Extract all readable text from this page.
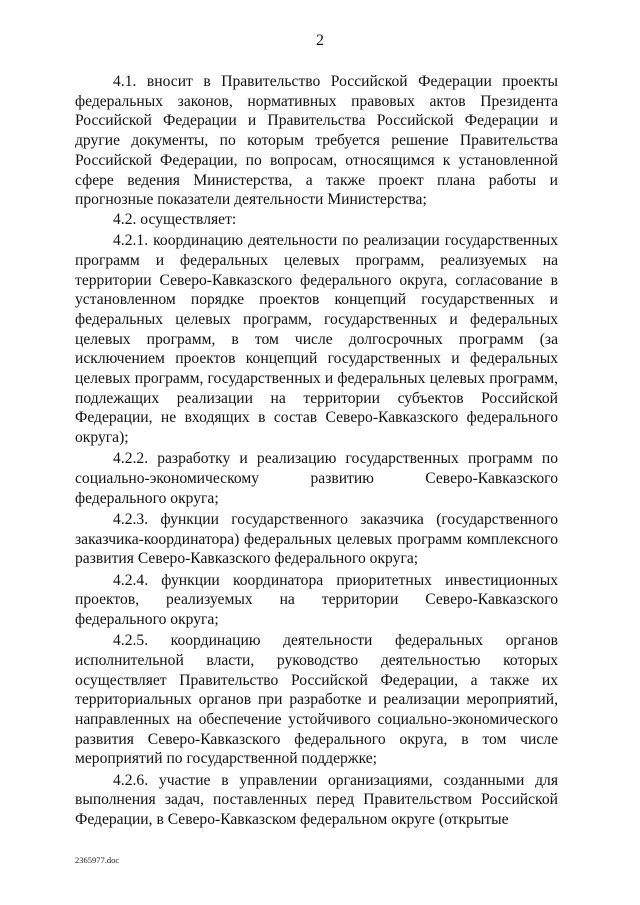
2

4.1. вносит в Правительство Российской Федерации проекты федеральных законов, нормативных правовых актов Президента Российской Федерации и Правительства Российской Федерации и другие документы, по которым требуется решение Правительства Российской Федерации, по вопросам, относящимся к установленной сфере ведения Министерства, а также проект плана работы и прогнозные показатели деятельности Министерства;

4.2. осуществляет:

4.2.1. координацию деятельности по реализации государственных программ и федеральных целевых программ, реализуемых на территории Северо-Кавказского федерального округа, согласование в установленном порядке проектов концепций государственных и федеральных целевых программ, государственных и федеральных целевых программ, в том числе долгосрочных программ (за исключением проектов концепций государственных и федеральных целевых программ, государственных и федеральных целевых программ, подлежащих реализации на территории субъектов Российской Федерации, не входящих в состав Северо-Кавказского федерального округа);

4.2.2. разработку и реализацию государственных программ по социально-экономическому развитию Северо-Кавказского федерального округа;

4.2.3. функции государственного заказчика (государственного заказчика-координатора) федеральных целевых программ комплексного развития Северо-Кавказского федерального округа;

4.2.4. функции координатора приоритетных инвестиционных проектов, реализуемых на территории Северо-Кавказского федерального округа;

4.2.5. координацию деятельности федеральных органов исполнительной власти, руководство деятельностью которых осуществляет Правительство Российской Федерации, а также их территориальных органов при разработке и реализации мероприятий, направленных на обеспечение устойчивого социально-экономического развития Северо-Кавказского федерального округа, в том числе мероприятий по государственной поддержке;

4.2.6. участие в управлении организациями, созданными для выполнения задач, поставленных перед Правительством Российской Федерации, в Северо-Кавказском федеральном округе (открытые

2365977.doc
